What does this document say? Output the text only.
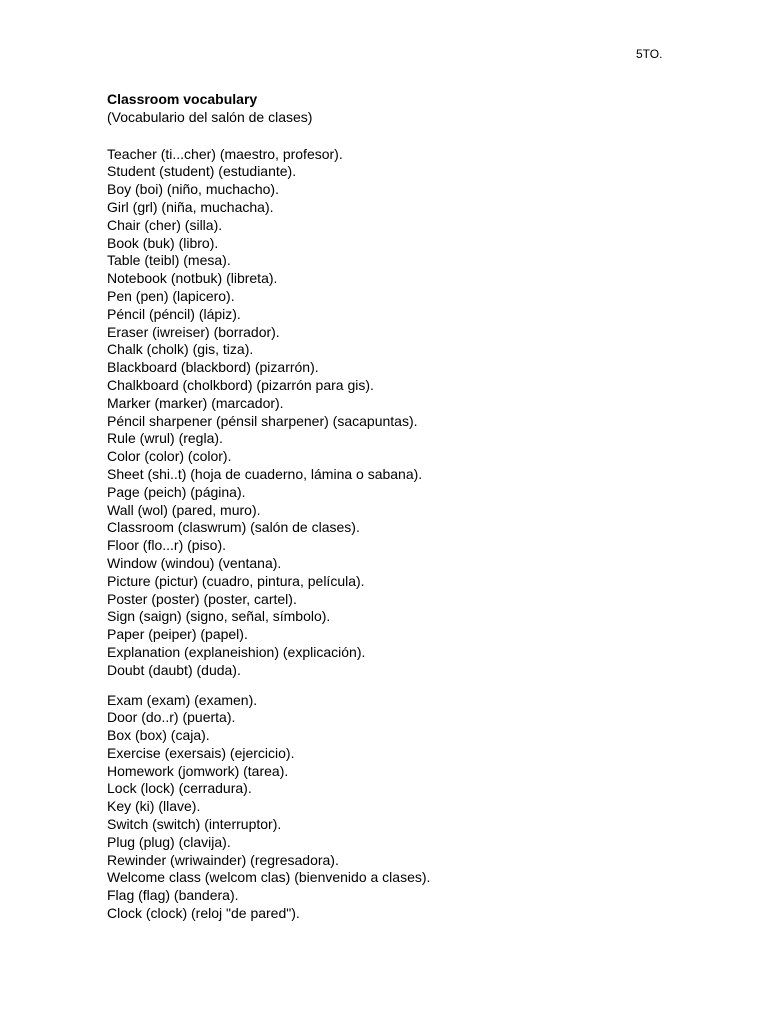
5TO.

Classroom vocabulary

(Vocabulario del salón de clases)

Teacher (ti...cher) (maestro, profesor).
Student (student) (estudiante).
Boy (boi) (niño, muchacho).
Girl (grl) (niña, muchacha).
Chair (cher) (silla).
Book (buk) (libro).
Table (teibl) (mesa).
Notebook (notbuk) (libreta).
Pen (pen) (lapicero).
Péncil (péncil) (lápiz).
Eraser (iwreiser) (borrador).
Chalk (cholk) (gis, tiza).
Blackboard (blackbord) (pizarrón).
Chalkboard (cholkbord) (pizarrón para gis).
Marker (marker) (marcador).
Péncil sharpener (pénsil sharpener) (sacapuntas).
Rule (wrul) (regla).
Color (color) (color).
Sheet (shi..t) (hoja de cuaderno, lámina o sabana).
Page (peich) (página).
Wall (wol) (pared, muro).
Classroom (claswrum) (salón de clases).
Floor (flo...r) (piso).
Window (windou) (ventana).
Picture (pictur) (cuadro, pintura, película).
Poster (poster) (poster, cartel).
Sign (saign) (signo, señal, símbolo).
Paper (peiper) (papel).
Explanation (explaneishion) (explicación).
Doubt (daubt) (duda).
Exam (exam) (examen).
Door (do..r) (puerta).
Box (box) (caja).
Exercise (exersais) (ejercicio).
Homework (jomwork) (tarea).
Lock (lock) (cerradura).
Key (ki) (llave).
Switch (switch) (interruptor).
Plug (plug) (clavija).
Rewinder (wriwainder) (regresadora).
Welcome class (welcom clas) (bienvenido a clases).
Flag (flag) (bandera).
Clock (clock) (reloj "de pared").
